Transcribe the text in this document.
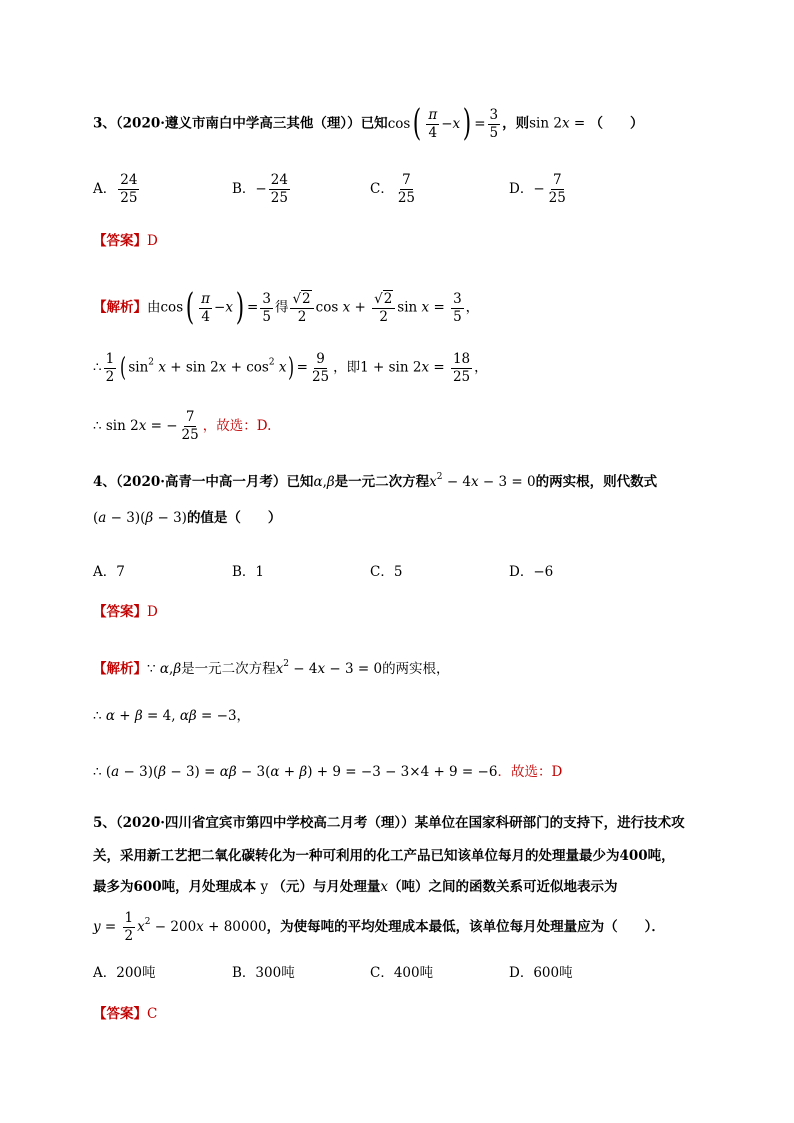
3、（2020·遵义市南白中学高三其他（理））已知$\cos( \frac{\pi}{4} -x) = \frac{3}{5}$ ，则sin 2x = （　　）
A． $\frac{24}{25}$	B．− $\frac{24}{25}$	C． $\frac{7}{25}$	D．− $\frac{7}{25}$
【答案】D
【解析】由$\cos( \frac{\pi}{4} -x) = \frac{3}{5}$ 得 $\frac{√2}{2}$ $\cos x + \frac{√2}{2}$ $\sin x = \frac{3}{5}$ ，
∴ $\frac{1}{2}$ ( $\sin^2 x + \sin 2x + \cos^2 x) = \frac{9}{25}$ ，即$1 + \sin 2x = \frac{18}{25}$ ，
∴ sin 2x = − $\frac{7}{25}$ ，故选：D.
4、（2020·高青一中高一月考）已知α,β是一元二次方程$x^2 - 4x - 3 = 0$的两实根，则代数式
(a − 3)(β − 3)的值是（　　）
A．7	B．1	C．5	D．−6
【答案】D
【解析】∵ α,β是一元二次方程$x^2 - 4x - 3 = 0$的两实根，
∴ α + β = 4, αβ = −3，
∴ (a − 3)(β − 3) = αβ − 3(α + β) + 9 = −3 − 3×4 + 9 = −6．故选：D
5、（2020·四川省宜宾市第四中学校高二月考（理））某单位在国家科研部门的支持下，进行技术攻
关，采用新工艺把二氧化碳转化为一种可利用的化工产品已知该单位每月的处理量最少为400吨，
最多为600吨，月处理成本 y （元）与月处理量x（吨）之间的函数关系可近似地表示为
$y = \frac{1}{2} x^2 - 200x + 80000$，为使每吨的平均处理成本最低，该单位每月处理量应为（　　）．
A．200吨	B．300吨	C．400吨	D．600吨
【答案】C
